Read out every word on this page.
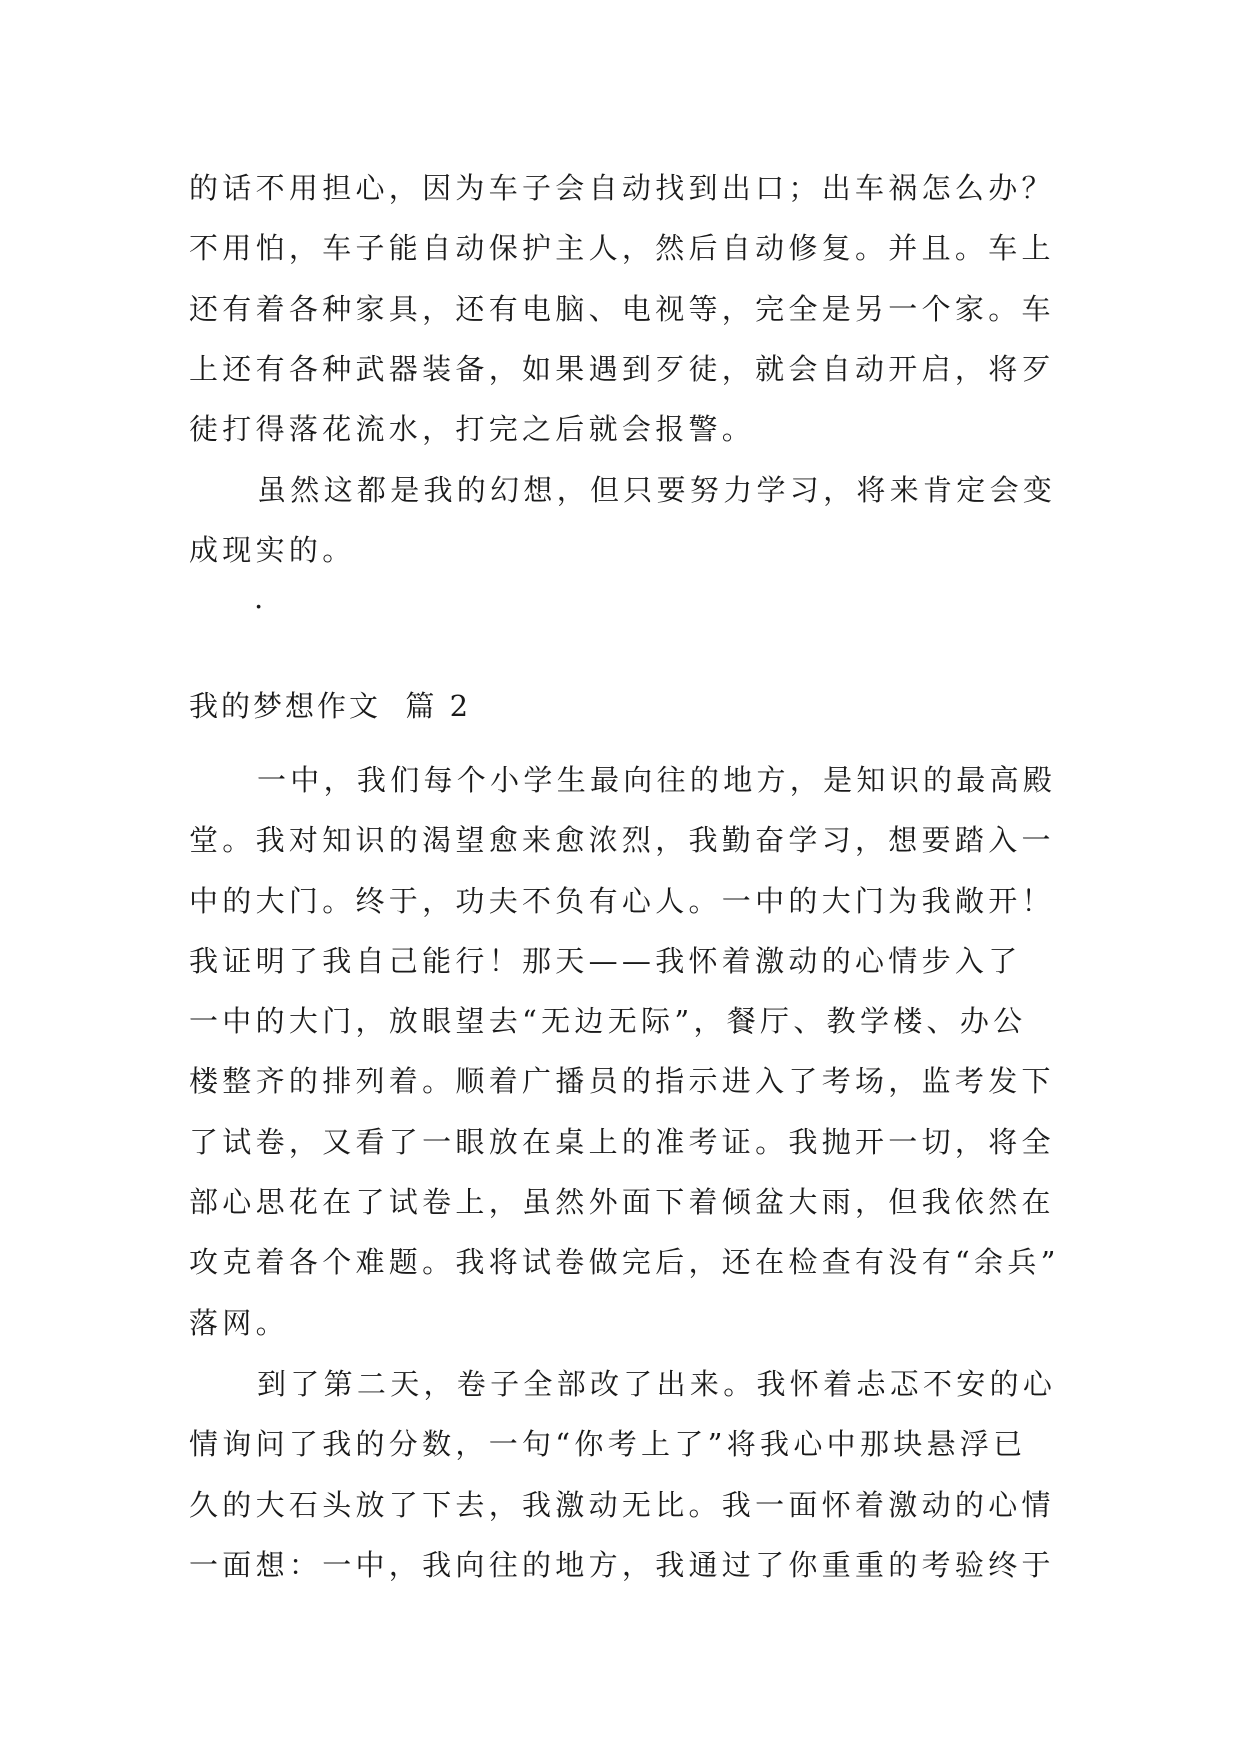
的话不用担心，因为车子会自动找到出口；出车祸怎么办？
不用怕，车子能自动保护主人，然后自动修复。并且。车上
还有着各种家具，还有电脑、电视等，完全是另一个家。车
上还有各种武器装备，如果遇到歹徒，就会自动开启，将歹
徒打得落花流水，打完之后就会报警。

虽然这都是我的幻想，但只要努力学习，将来肯定会变
成现实的。

.
我的梦想作文  篇 2

一中，我们每个小学生最向往的地方，是知识的最高殿
堂。我对知识的渴望愈来愈浓烈，我勤奋学习，想要踏入一
中的大门。终于，功夫不负有心人。一中的大门为我敞开！
我证明了我自己能行！那天——我怀着激动的心情步入了
一中的大门，放眼望去“无边无际”，餐厅、教学楼、办公
楼整齐的排列着。顺着广播员的指示进入了考场，监考发下
了试卷，又看了一眼放在桌上的准考证。我抛开一切，将全
部心思花在了试卷上，虽然外面下着倾盆大雨，但我依然在
攻克着各个难题。我将试卷做完后，还在检查有没有“余兵”
落网。

到了第二天，卷子全部改了出来。我怀着忐忑不安的心
情询问了我的分数，一句“你考上了”将我心中那块悬浮已
久的大石头放了下去，我激动无比。我一面怀着激动的心情
一面想：一中，我向往的地方，我通过了你重重的考验终于
